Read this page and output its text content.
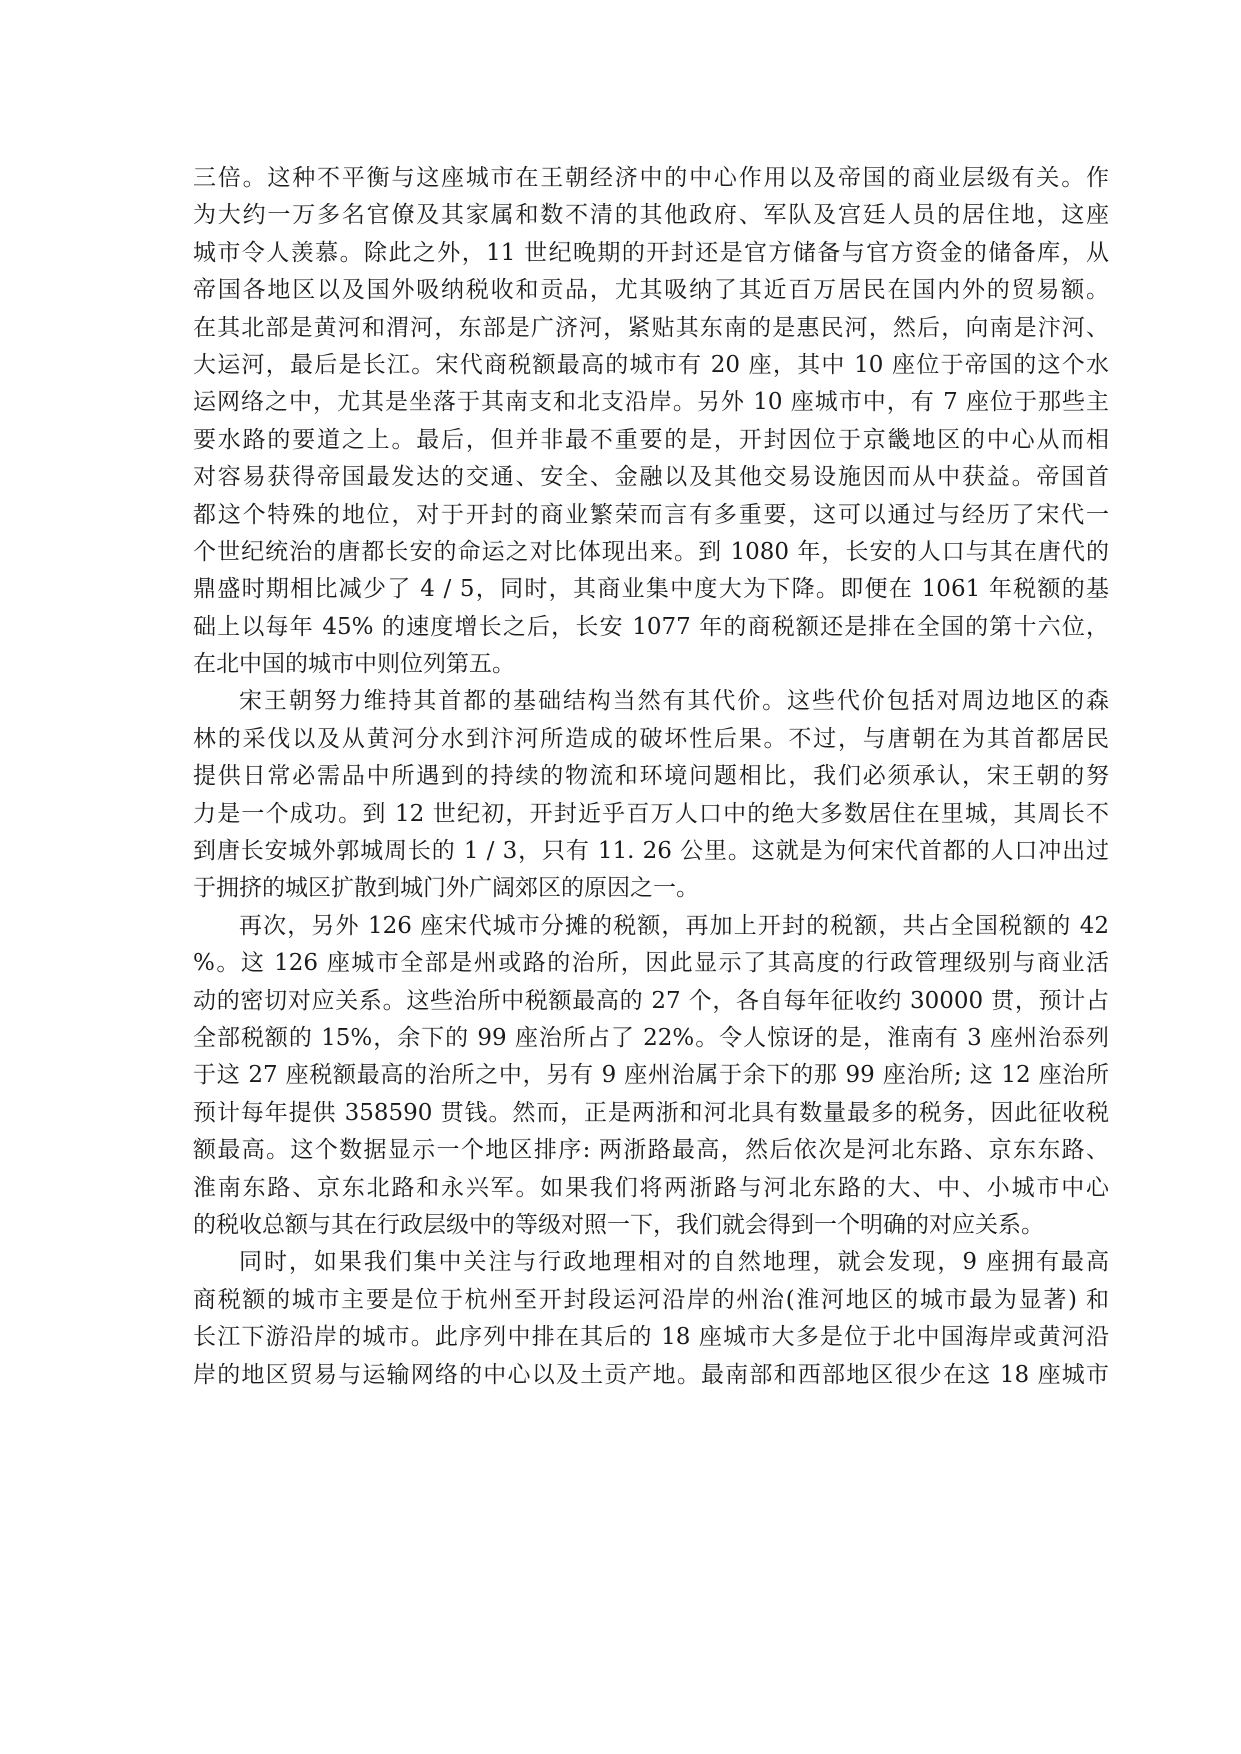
三倍。这种不平衡与这座城市在王朝经济中的中心作用以及帝国的商业层级有关。作
为大约一万多名官僚及其家属和数不清的其他政府、军队及宫廷人员的居住地，这座
城市令人羡慕。除此之外，11 世纪晚期的开封还是官方储备与官方资金的储备库，从
帝国各地区以及国外吸纳税收和贡品，尤其吸纳了其近百万居民在国内外的贸易额。
在其北部是黄河和渭河，东部是广济河，紧贴其东南的是惠民河，然后，向南是汴河、
大运河，最后是长江。宋代商税额最高的城市有 20 座，其中 10 座位于帝国的这个水
运网络之中，尤其是坐落于其南支和北支沿岸。另外 10 座城市中，有 7 座位于那些主
要水路的要道之上。最后，但并非最不重要的是，开封因位于京畿地区的中心从而相
对容易获得帝国最发达的交通、安全、金融以及其他交易设施因而从中获益。帝国首
都这个特殊的地位，对于开封的商业繁荣而言有多重要，这可以通过与经历了宋代一
个世纪统治的唐都长安的命运之对比体现出来。到 1080 年，长安的人口与其在唐代的
鼎盛时期相比减少了 4 / 5，同时，其商业集中度大为下降。即便在 1061 年税额的基
础上以每年 45% 的速度增长之后，长安 1077 年的商税额还是排在全国的第十六位，
在北中国的城市中则位列第五。
宋王朝努力维持其首都的基础结构当然有其代价。这些代价包括对周边地区的森
林的采伐以及从黄河分水到汴河所造成的破坏性后果。不过，与唐朝在为其首都居民
提供日常必需品中所遇到的持续的物流和环境问题相比，我们必须承认，宋王朝的努
力是一个成功。到 12 世纪初，开封近乎百万人口中的绝大多数居住在里城，其周长不
到唐长安城外郭城周长的 1 / 3，只有 11. 26 公里。这就是为何宋代首都的人口冲出过
于拥挤的城区扩散到城门外广阔郊区的原因之一。
再次，另外 126 座宋代城市分摊的税额，再加上开封的税额，共占全国税额的 42
%。这 126 座城市全部是州或路的治所，因此显示了其高度的行政管理级别与商业活
动的密切对应关系。这些治所中税额最高的 27 个，各自每年征收约 30000 贯，预计占
全部税额的 15%，余下的 99 座治所占了 22%。令人惊讶的是，淮南有 3 座州治忝列
于这 27 座税额最高的治所之中，另有 9 座州治属于余下的那 99 座治所; 这 12 座治所
预计每年提供 358590 贯钱。然而，正是两浙和河北具有数量最多的税务，因此征收税
额最高。这个数据显示一个地区排序: 两浙路最高，然后依次是河北东路、京东东路、
淮南东路、京东北路和永兴军。如果我们将两浙路与河北东路的大、中、小城市中心
的税收总额与其在行政层级中的等级对照一下，我们就会得到一个明确的对应关系。
同时，如果我们集中关注与行政地理相对的自然地理，就会发现，9 座拥有最高
商税额的城市主要是位于杭州至开封段运河沿岸的州治(淮河地区的城市最为显著) 和
长江下游沿岸的城市。此序列中排在其后的 18 座城市大多是位于北中国海岸或黄河沿
岸的地区贸易与运输网络的中心以及土贡产地。最南部和西部地区很少在这 18 座城市
